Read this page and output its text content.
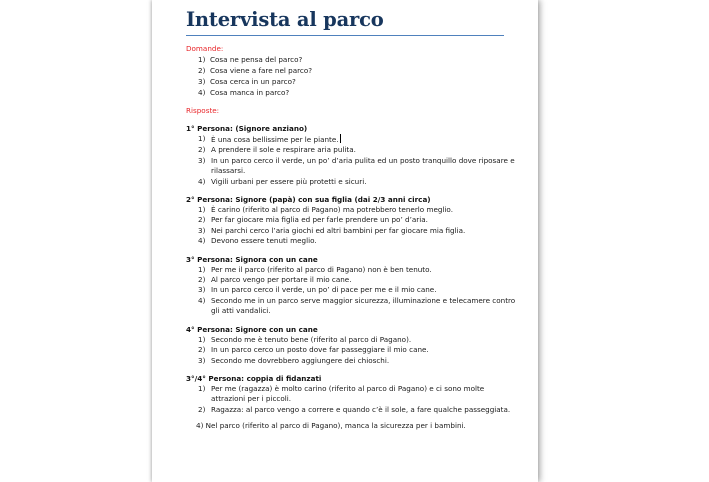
Intervista al parco
Domande:
1) Cosa ne pensa del parco?
2) Cosa viene a fare nel parco?
3) Cosa cerca in un parco?
4) Cosa manca in parco?
Risposte:
1° Persona: (Signore anziano)
1) È una cosa bellissime per le piante.
2) A prendere il sole e respirare aria pulita.
3) In un parco cerco il verde, un po’ d’aria pulita ed un posto tranquillo dove riposare e rilassarsi.
4) Vigili urbani per essere più protetti e sicuri.
2° Persona: Signore (papà) con sua figlia (dai 2/3 anni circa)
1) È carino (riferito al parco di Pagano) ma potrebbero tenerlo meglio.
2) Per far giocare mia figlia ed per farle prendere un po’ d’aria.
3) Nei parchi cerco l’aria giochi ed altri bambini per far giocare mia figlia.
4) Devono essere tenuti meglio.
3° Persona: Signora con un cane
1) Per me il parco (riferito al parco di Pagano) non è ben tenuto.
2) Al parco vengo per portare il mio cane.
3) In un parco cerco il verde, un po’ di pace per me e il mio cane.
4) Secondo me in un parco serve maggior sicurezza, illuminazione e telecamere contro gli atti vandalici.
4° Persona: Signore con un cane
1) Secondo me è tenuto bene (riferito al parco di Pagano).
2) In un parco cerco un posto dove far passeggiare il mio cane.
3) Secondo me dovrebbero aggiungere dei chioschi.
3°/4° Persona: coppia di fidanzati
1) Per me (ragazza) è molto carino (riferito al parco di Pagano) e ci sono molte attrazioni per i piccoli.
2) Ragazza: al parco vengo a correre e quando c’è il sole, a fare qualche passeggiata.
4) Nel parco (riferito al parco di Pagano), manca la sicurezza per i bambini.
